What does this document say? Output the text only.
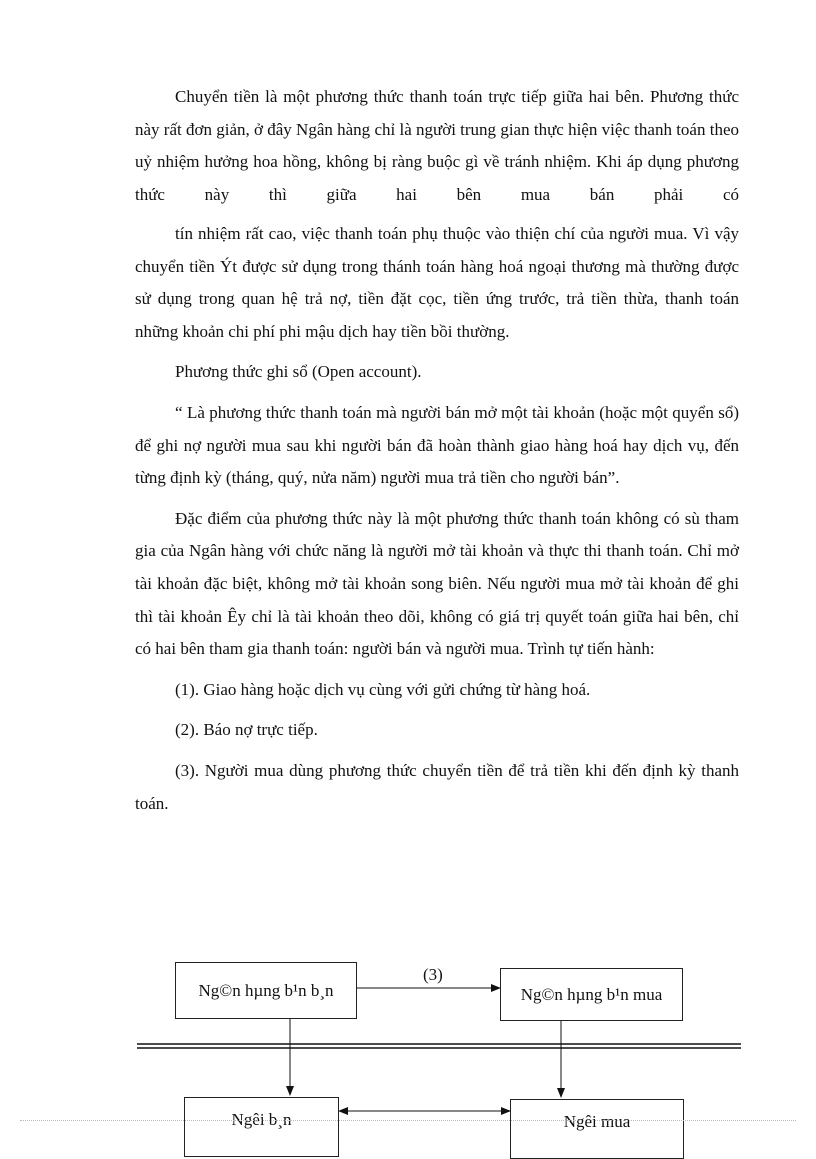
Chuyển tiền là một phương thức thanh toán trực tiếp giữa hai bên. Phương thức này rất đơn giản, ở đây Ngân hàng chỉ là người trung gian thực hiện việc thanh toán theo uỷ nhiệm hưởng hoa hồng, không bị ràng buộc gì về tránh nhiệm. Khi áp dụng phương thức này thì giữa hai bên mua bán phải có

tín nhiệm rất cao, việc thanh toán phụ thuộc vào thiện chí của người mua. Vì vậy chuyển tiền Ýt được sử dụng trong thánh toán hàng hoá ngoại thương mà thường được sử dụng trong quan hệ trả nợ, tiền đặt cọc, tiền ứng trước, trả tiền thừa, thanh toán những khoản chi phí phi mậu dịch hay tiền bồi thường.

Phương thức ghi sổ (Open account).

“ Là phương thức thanh toán mà người bán mở một tài khoản (hoặc một quyển sổ) để ghi nợ người mua sau khi người bán đã hoàn thành giao hàng hoá hay dịch vụ, đến từng định kỳ (tháng, quý, nửa năm) người mua trả tiền cho người bán”.

Đặc điểm của phương thức này là một phương thức thanh toán không có sù tham gia của Ngân hàng với chức năng là người mở tài khoản và thực thi thanh toán. Chỉ mở tài khoản đặc biệt, không mở tài khoản song biên. Nếu người mua mở tài khoản để ghi thì tài khoản Êy chỉ là tài khoản theo dõi, không có giá trị quyết toán giữa hai bên, chỉ có hai bên tham gia thanh toán: người bán và người mua. Trình tự tiến hành:

(1). Giao hàng hoặc dịch vụ cùng với gửi chứng từ hàng hoá.

(2). Báo nợ trực tiếp.

(3). Người mua dùng phương thức chuyển tiền để trả tiền khi đến định kỳ thanh toán.

Ng©n hµng b¹n b¸n
(3)
Ng©n hµng b¹n mua
Ngêi b¸n	Ngêi mua
